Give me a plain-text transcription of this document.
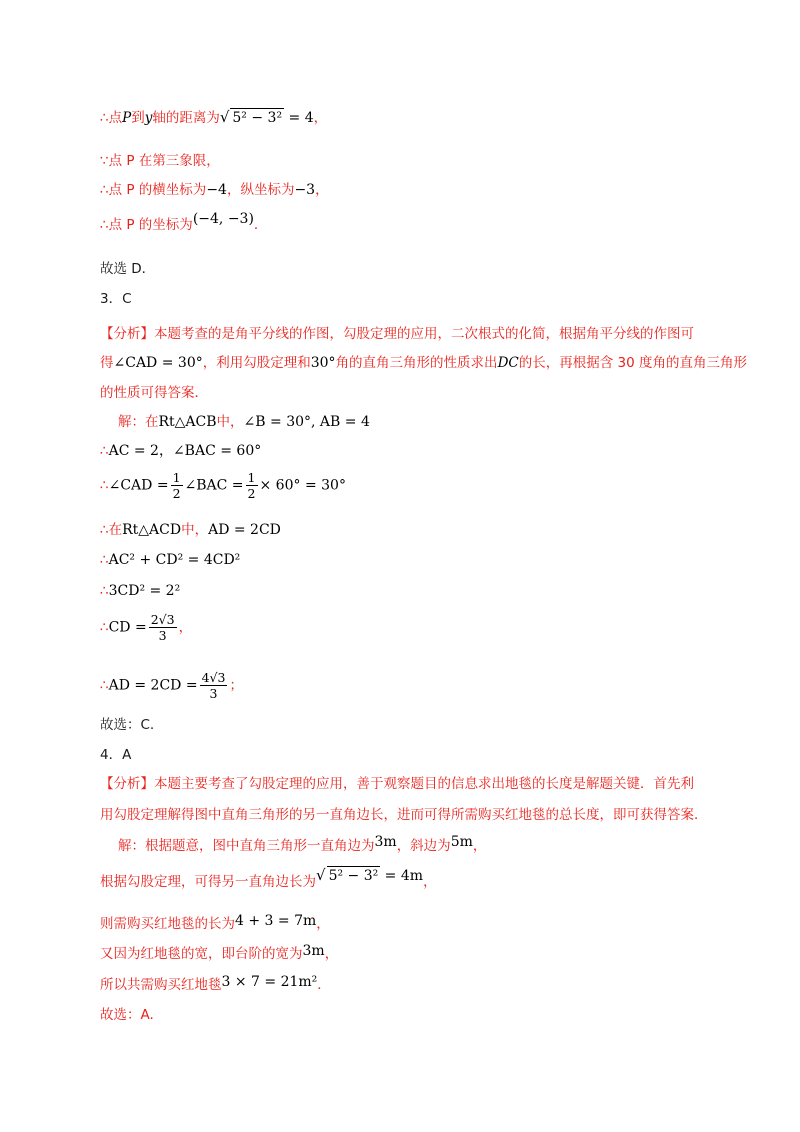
∴点P到y轴的距离为√ 5² − 3² = 4，
∵点 P 在第三象限，
∴点 P 的横坐标为−4，纵坐标为−3，
∴点 P 的坐标为(−4, −3)．
故选 D．
3．C
【分析】本题考查的是角平分线的作图，勾股定理的应用，二次根式的化简，根据角平分线的作图可
得∠CAD = 30°，利用勾股定理和30°角的直角三角形的性质求出DC的长，再根据含 30 度角的直角三角形
的性质可得答案．
解：在Rt△ACB中，∠B = 30°, AB = 4
∴AC = 2，∠BAC = 60°
∴∠CAD = $\frac{1}{2}$ ∠BAC = $\frac{1}{2} \times 60^\circ = 30^\circ$
∴在Rt△ACD中，AD = 2CD
∴AC² + CD² = 4CD²
∴3CD² = 2²
∴CD = $\frac{2√3}{3}$ ，
∴AD = $2CD = \frac{4√3}{3}$ ；
故选：C.
4．A
【分析】本题主要考查了勾股定理的应用，善于观察题目的信息求出地毯的长度是解题关键．首先利
用勾股定理解得图中直角三角形的另一直角边长，进而可得所需购买红地毯的总长度，即可获得答案．
解：根据题意，图中直角三角形一直角边为3m，斜边为5m，
根据勾股定理，可得另一直角边长为√ 5² − 3² = 4m，
则需购买红地毯的长为4 + 3 = 7m，
又因为红地毯的宽，即台阶的宽为3m，
所以共需购买红地毯3 × 7 = 21m²．
故选：A.
